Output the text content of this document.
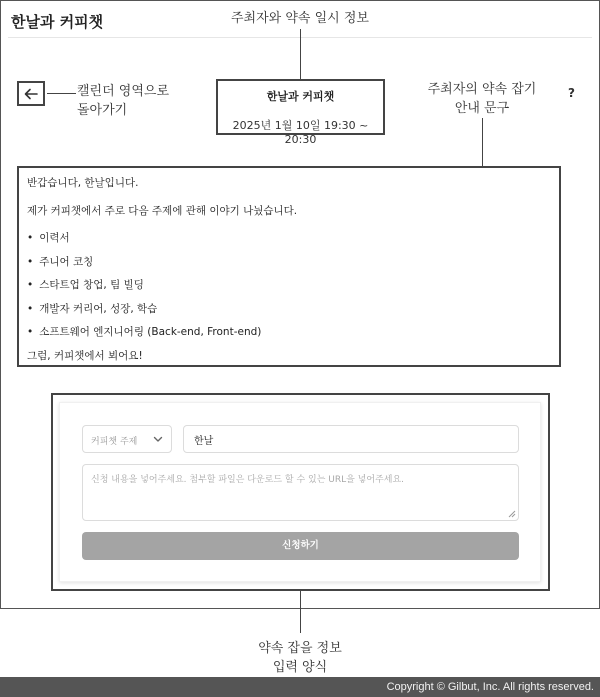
한날과 커피챗	주최자와 약속 일시 정보
캘린더 영역으로
돌아가기
한날과 커피챗
2025년 1월 10일 19:30 ~ 20:30
주최자의 약속 잡기
안내 문구
?
반갑습니다, 한날입니다.
제가 커피챗에서 주로 다음 주제에 관해 이야기 나눴습니다.
• 이력서
• 주니어 코칭
• 스타트업 창업, 팀 빌딩
• 개발자 커리어, 성장, 학습
• 소프트웨어 엔지니어링 (Back-end, Front-end)
그럼, 커피챗에서 뵈어요!
커피챗 주제
한날
신청 내용을 넣어주세요. 첨부할 파일은 다운로드 할 수 있는 URL을 넣어주세요.
신청하기
약속 잡을 정보
입력 양식
Copyright © Gilbut, Inc. All rights reserved.
